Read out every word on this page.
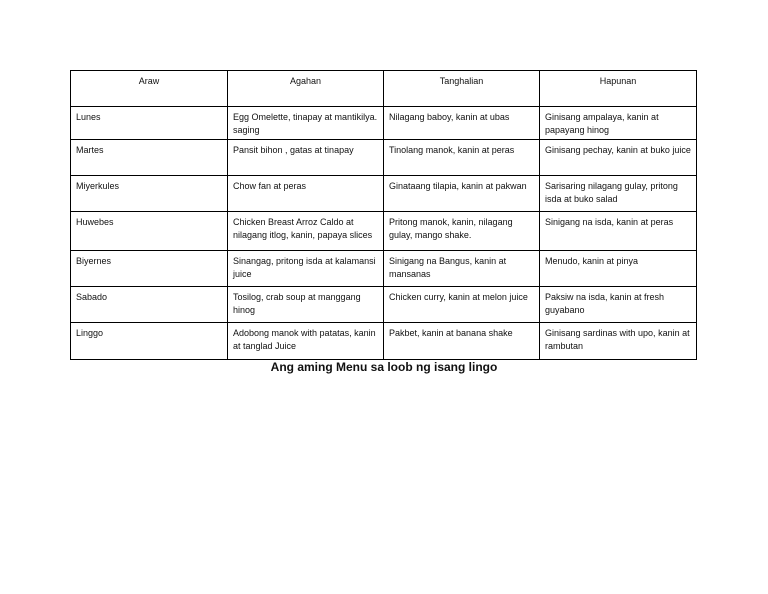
Araw	Agahan	Tanghalian	Hapunan
Lunes	Egg Omelette, tinapay at mantikilya. saging	Nilagang baboy, kanin at ubas	Ginisang ampalaya, kanin at papayang hinog
Martes	Pansit bihon , gatas at tinapay	Tinolang manok, kanin at peras	Ginisang pechay, kanin at buko juice
Miyerkules	Chow fan at peras	Ginataang tilapia, kanin at pakwan	Sarisaring nilagang gulay, pritong isda at buko salad
Huwebes	Chicken Breast Arroz Caldo at nilagang itlog, kanin, papaya slices	Pritong manok, kanin, nilagang gulay, mango shake.	Sinigang na isda, kanin at peras
Biyernes	Sinangag, pritong isda at kalamansi juice	Sinigang na Bangus, kanin at mansanas	Menudo, kanin at pinya
Sabado	Tosilog, crab soup at manggang hinog	Chicken curry, kanin at melon juice	Paksiw na isda, kanin at fresh guyabano
Linggo	Adobong manok with patatas, kanin at tanglad Juice	Pakbet, kanin at banana shake	Ginisang sardinas with upo, kanin at rambutan
Ang aming Menu sa loob ng isang lingo
